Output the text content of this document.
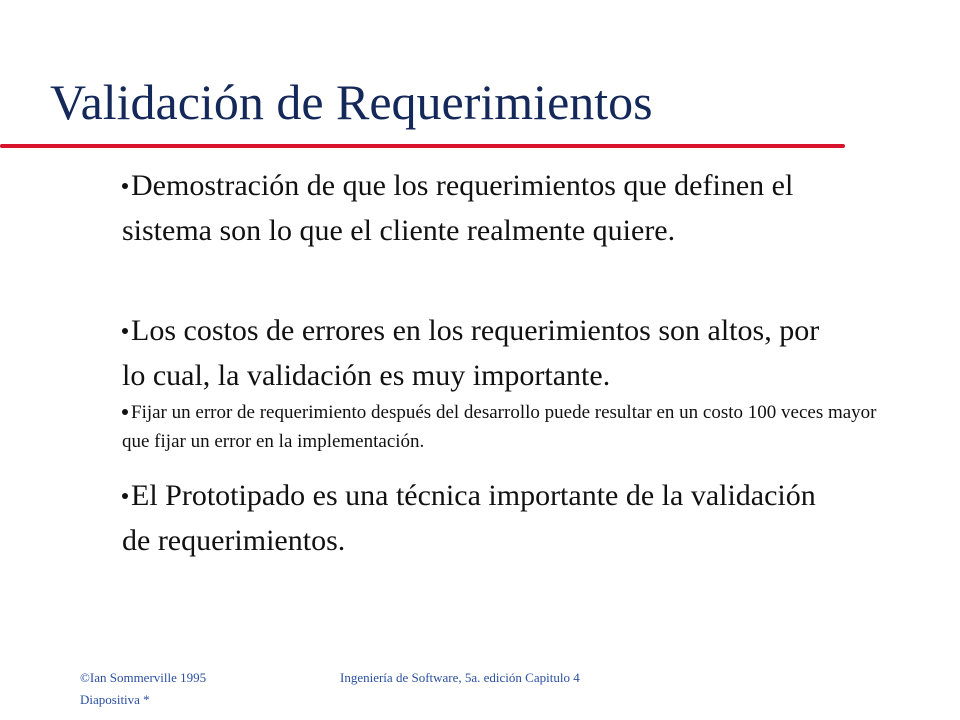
Validación de Requerimientos

Demostración de que los requerimientos que definen el sistema son lo que el cliente realmente quiere.

Los costos de errores en los requerimientos son altos, por lo cual, la validación es muy importante.

Fijar un error de requerimiento después del desarrollo puede resultar en un costo 100 veces mayor que fijar un error en la implementación.

El Prototipado es una técnica importante de la validación de requerimientos.

©Ian Sommerville 1995
Diapositiva *
Ingeniería de Software, 5a. edición Capitulo 4
